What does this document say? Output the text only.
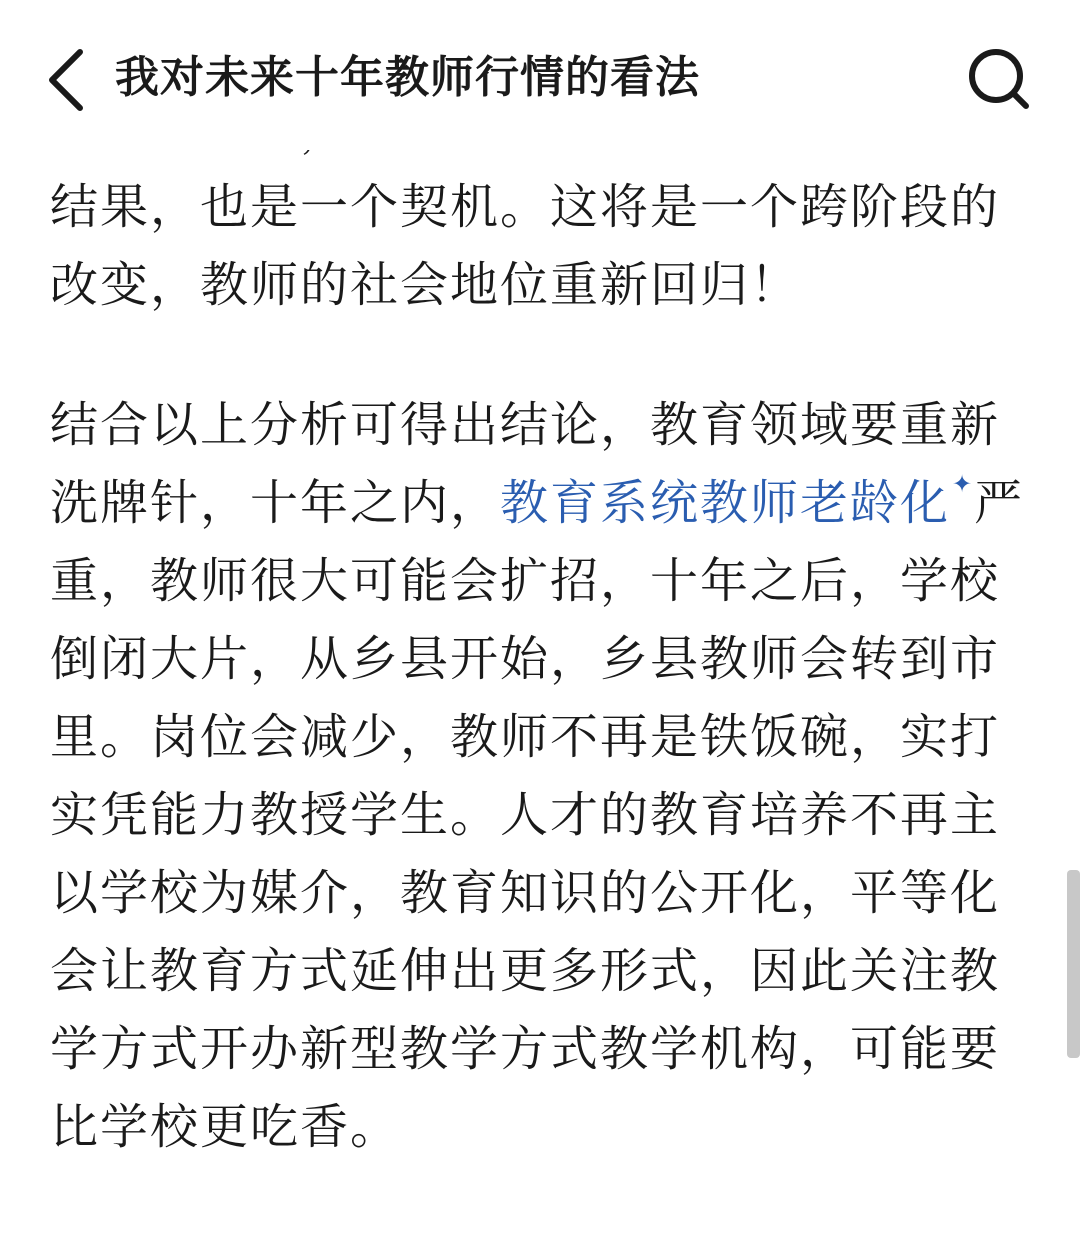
结果，也是一个契机。这将是一个跨阶段的改变，教师的社会地位重新回归！

结合以上分析可得出结论，教育领域要重新洗牌针，十年之内，教育系统教师老龄化✦严重，教师很大可能会扩招，十年之后，学校倒闭大片，从乡县开始，乡县教师会转到市里。岗位会减少，教师不再是铁饭碗，实打实凭能力教授学生。人才的教育培养不再主以学校为媒介，教育知识的公开化，平等化会让教育方式延伸出更多形式，因此关注教学方式开办新型教学方式教学机构，可能要比学校更吃香。

我对未来十年教师行情的看法
